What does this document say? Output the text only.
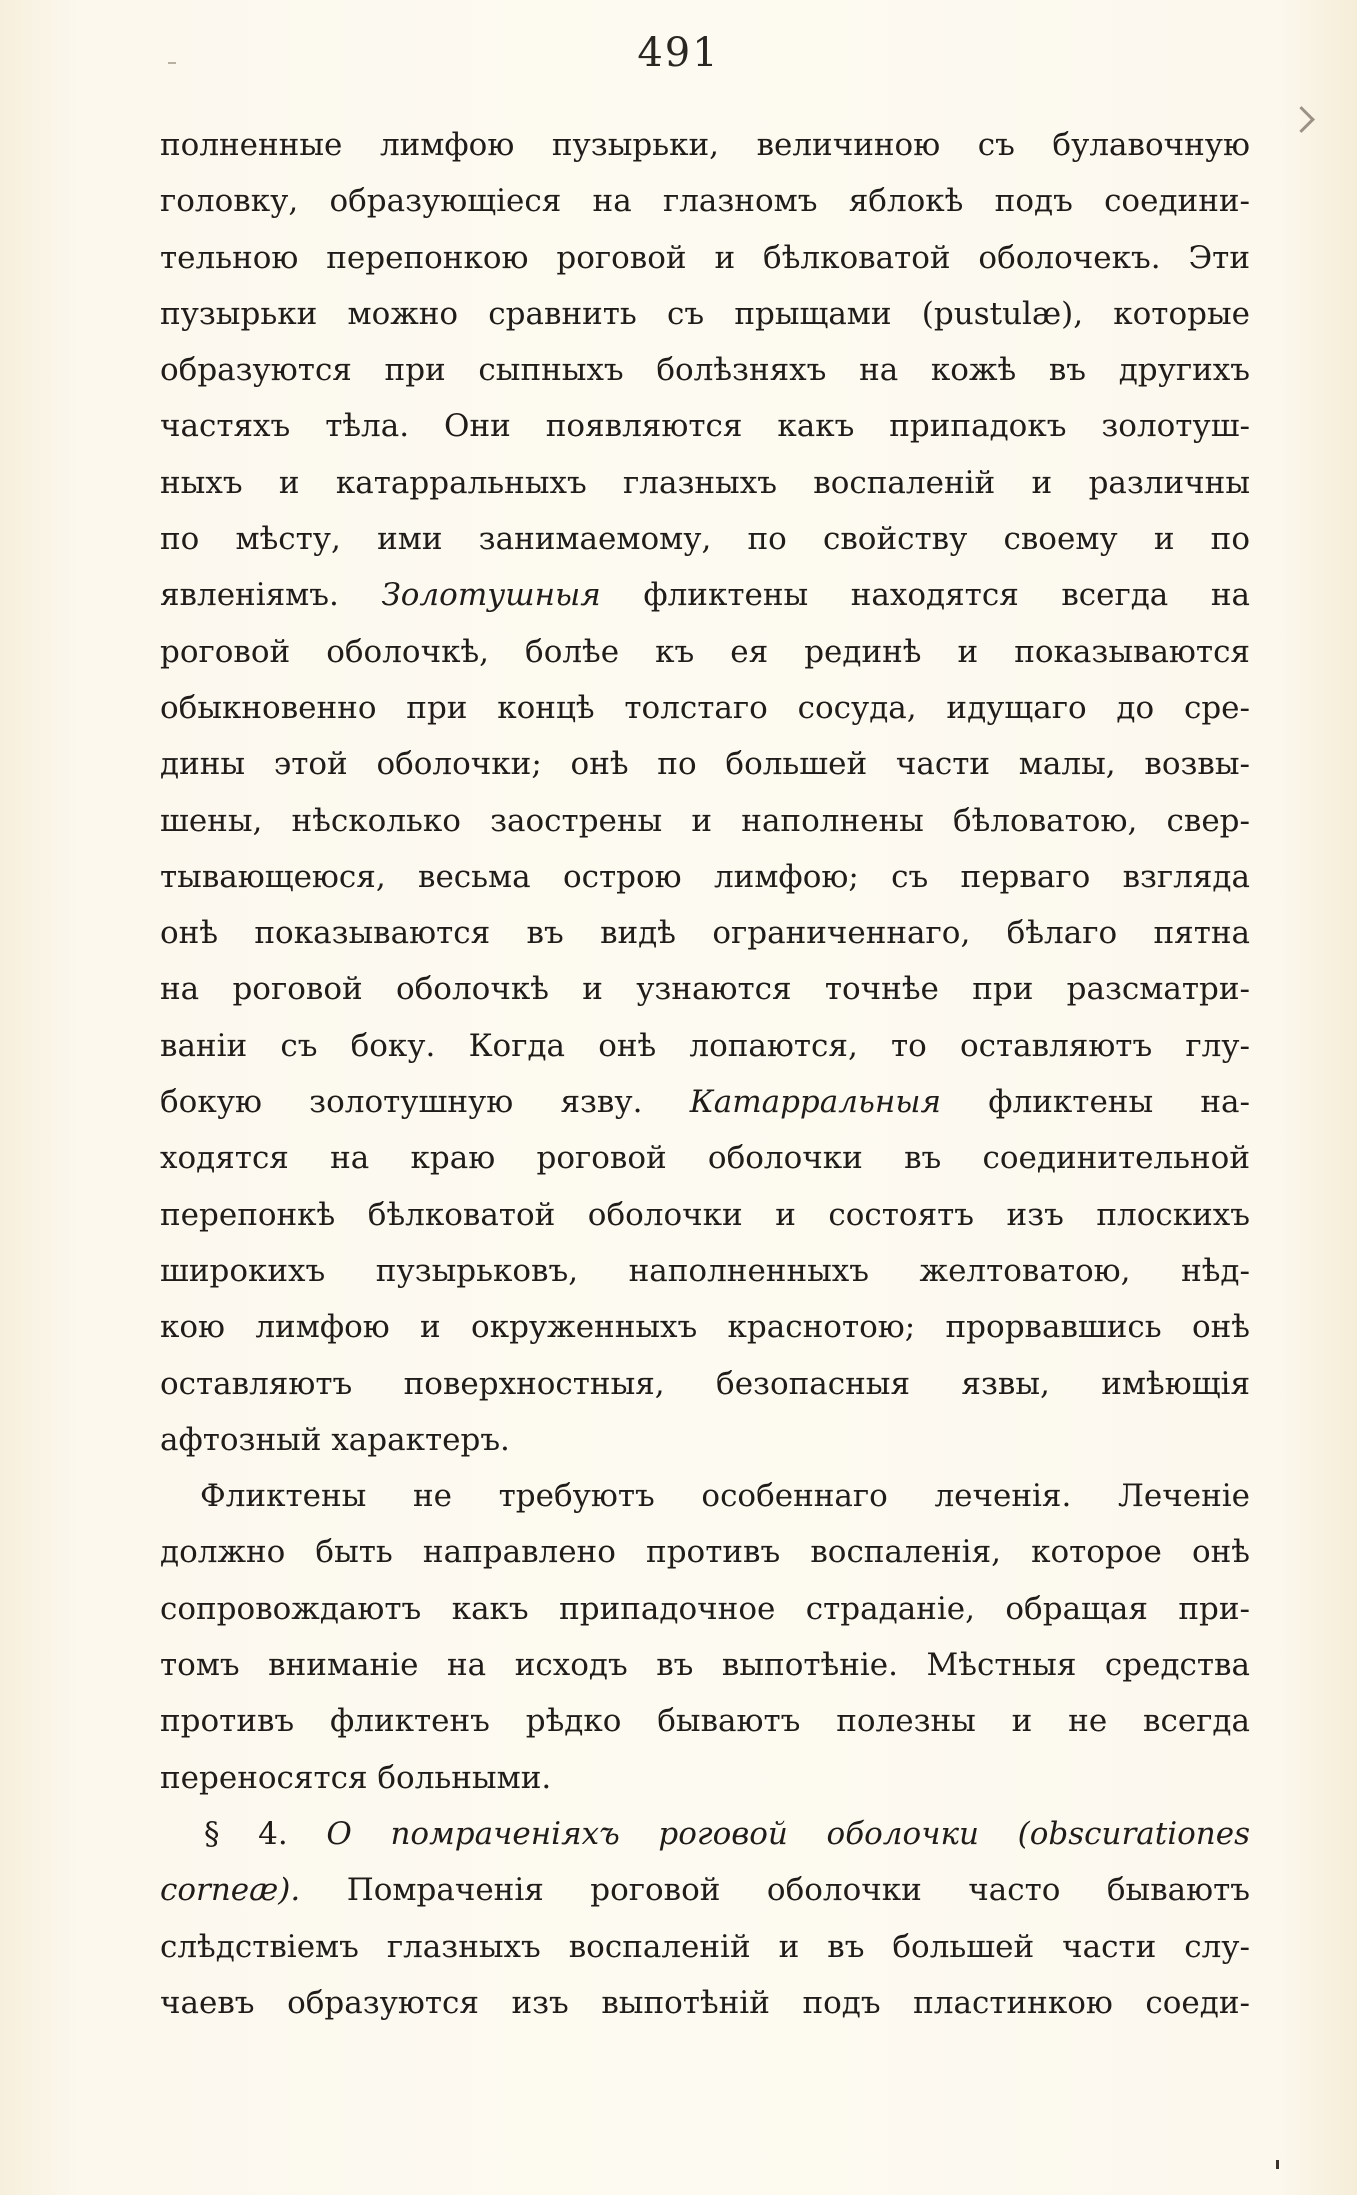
491
полненные лимфою пузырьки, величиною съ булавочную
головку, образующіеся на глазномъ яблокѣ подъ соедини-
тельною перепонкою роговой и бѣлковатой оболочекъ. Эти
пузырьки можно сравнить съ прыщами (pustulæ), которые
образуются при сыпныхъ болѣзняхъ на кожѣ въ другихъ
частяхъ тѣла. Они появляются какъ припадокъ золотуш-
ныхъ и катарральныхъ глазныхъ воспаленій и различны
по мѣсту, ими занимаемому, по свойству своему и по
явленіямъ. Золотушныя фликтены находятся всегда на
роговой оболочкѣ, болѣе къ ея рединѣ и показываются
обыкновенно при концѣ толстаго сосуда, идущаго до сре-
дины этой оболочки; онѣ по большей части малы, возвы-
шены, нѣсколько заострены и наполнены бѣловатою, свер-
тывающеюся, весьма острою лимфою; съ перваго взгляда
онѣ показываются въ видѣ ограниченнаго, бѣлаго пятна
на роговой оболочкѣ и узнаются точнѣе при разсматри-
ваніи съ боку. Когда онѣ лопаются, то оставляютъ глу-
бокую золотушную язву. Катарральныя фликтены на-
ходятся на краю роговой оболочки въ соединительной
перепонкѣ бѣлковатой оболочки и состоятъ изъ плоскихъ
широкихъ пузырьковъ, наполненныхъ желтоватою, нѣд-
кою лимфою и окруженныхъ краснотою; прорвавшись онѣ
оставляютъ поверхностныя, безопасныя язвы, имѣющія
афтозный характеръ.
Фликтены не требуютъ особеннаго леченія. Леченіе
должно быть направлено противъ воспаленія, которое онѣ
сопровождаютъ какъ припадочное страданіе, обращая при-
томъ вниманіе на исходъ въ выпотѣніе. Мѣстныя средства
противъ фликтенъ рѣдко бываютъ полезны и не всегда
переносятся больными.
§ 4. О помраченіяхъ роговой оболочки (obscurationes
corneæ). Помраченія роговой оболочки часто бываютъ
слѣдствіемъ глазныхъ воспаленій и въ большей части слу-
чаевъ образуются изъ выпотѣній подъ пластинкою соеди-
